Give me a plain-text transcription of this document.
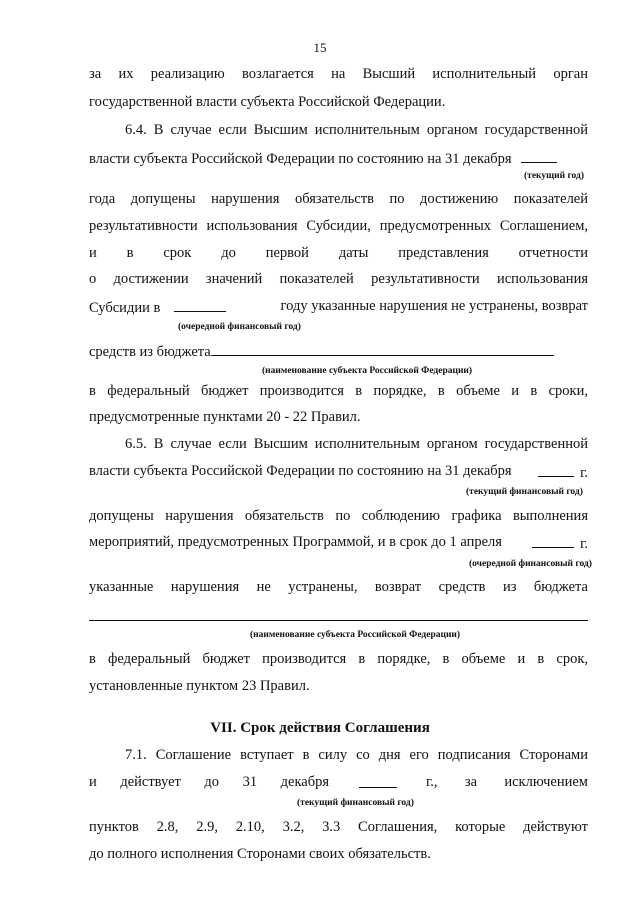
15
за их реализацию возлагается на Высший исполнительный орган
государственной власти субъекта Российской Федерации.
6.4. В случае если Высшим исполнительным органом государственной
власти субъекта Российской Федерации по состоянию на 31 декабря
(текущий год)
года допущены нарушения обязательств по достижению показателей
результативности использования Субсидии, предусмотренных Соглашением,
и в срок до первой даты представления отчетности
о достижении значений показателей результативности использования
Субсидии в	году указанные нарушения не устранены, возврат
(очередной финансовый год)
средств из бюджета
(наименование субъекта Российской Федерации)
в федеральный бюджет производится в порядке, в объеме и в сроки,
предусмотренные пунктами 20 - 22 Правил.
6.5. В случае если Высшим исполнительным органом государственной
власти субъекта Российской Федерации по состоянию на 31 декабря	г.
(текущий финансовый год)
допущены нарушения обязательств по соблюдению графика выполнения
мероприятий, предусмотренных Программой, и в срок до 1 апреля	г.
(очередной финансовый год)
указанные нарушения не устранены, возврат средств из бюджета
(наименование субъекта Российской Федерации)
в федеральный бюджет производится в порядке, в объеме и в срок,
установленные пунктом 23 Правил.
VII. Срок действия Соглашения
7.1. Соглашение вступает в силу со дня его подписания Сторонами
и действует до 31 декабря	г., за исключением
(текущий финансовый год)
пунктов 2.8, 2.9, 2.10, 3.2, 3.3 Соглашения, которые действуют
до полного исполнения Сторонами своих обязательств.
